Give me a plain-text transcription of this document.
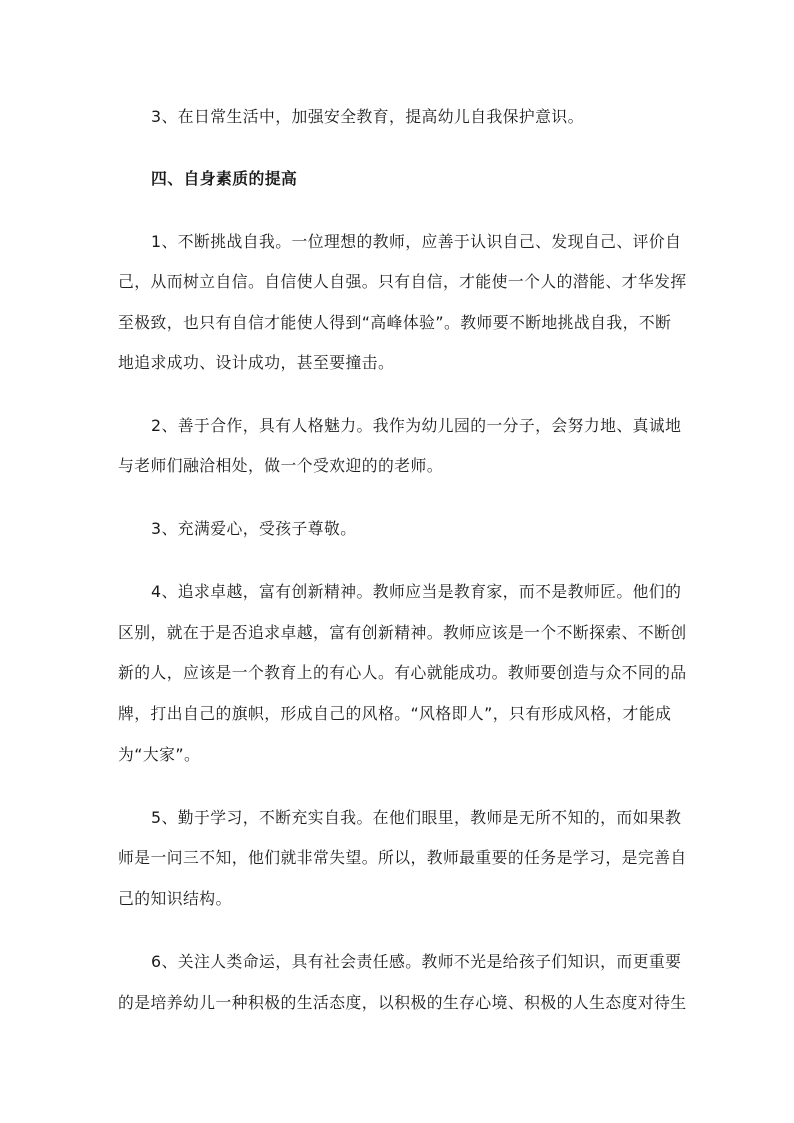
3、在日常生活中，加强安全教育，提高幼儿自我保护意识。
四、自身素质的提高
1、不断挑战自我。一位理想的教师，应善于认识自己、发现自己、评价自
己，从而树立自信。自信使人自强。只有自信，才能使一个人的潜能、才华发挥
至极致，也只有自信才能使人得到“高峰体验”。教师要不断地挑战自我，不断
地追求成功、设计成功，甚至要撞击。
2、善于合作，具有人格魅力。我作为幼儿园的一分子，会努力地、真诚地
与老师们融洽相处，做一个受欢迎的的老师。
3、充满爱心，受孩子尊敬。
4、追求卓越，富有创新精神。教师应当是教育家，而不是教师匠。他们的
区别，就在于是否追求卓越，富有创新精神。教师应该是一个不断探索、不断创
新的人，应该是一个教育上的有心人。有心就能成功。教师要创造与众不同的品
牌，打出自己的旗帜，形成自己的风格。“风格即人”，只有形成风格，才能成
为“大家”。
5、勤于学习，不断充实自我。在他们眼里，教师是无所不知的，而如果教
师是一问三不知，他们就非常失望。所以，教师最重要的任务是学习，是完善自
己的知识结构。
6、关注人类命运，具有社会责任感。教师不光是给孩子们知识，而更重要
的是培养幼儿一种积极的生活态度，以积极的生存心境、积极的人生态度对待生
